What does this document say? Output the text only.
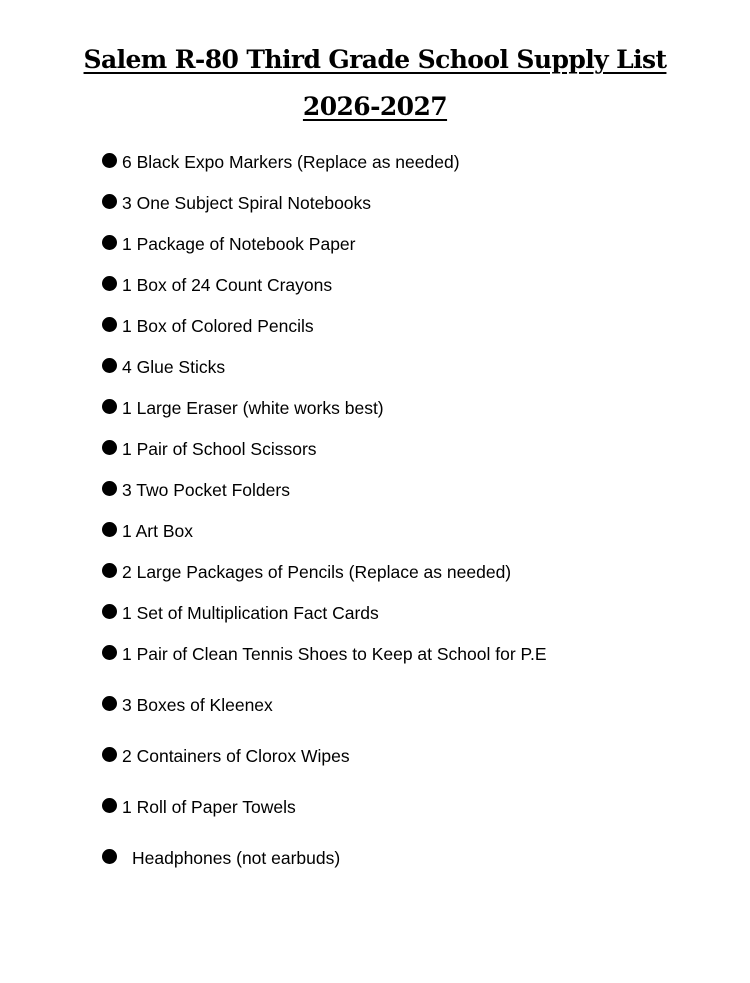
Salem R-80 Third Grade School Supply List
2026-2027
6 Black Expo Markers (Replace as needed)
3 One Subject Spiral Notebooks
1 Package of Notebook Paper
1 Box of 24 Count Crayons
1 Box of Colored Pencils
4 Glue Sticks
1 Large Eraser (white works best)
1 Pair of School Scissors
3 Two Pocket Folders
1 Art Box
2 Large Packages of Pencils (Replace as needed)
1 Set of Multiplication Fact Cards
1 Pair of Clean Tennis Shoes to Keep at School for P.E
3 Boxes of Kleenex
2 Containers of Clorox Wipes
1 Roll of Paper Towels
Headphones (not earbuds)
